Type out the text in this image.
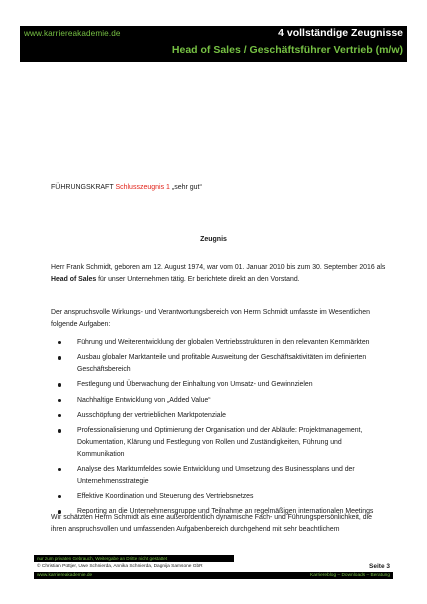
www.karriereakademie.de	4 vollständige Zeugnisse
Head of Sales / Geschäftsführer Vertrieb (m/w)
FÜHRUNGSKRAFT Schlusszeugnis 1 „sehr gut“
Zeugnis
Herr Frank Schmidt, geboren am 12. August 1974, war vom 01. Januar 2010 bis zum 30. September 2016 als Head of Sales für unser Unternehmen tätig. Er berichtete direkt an den Vorstand.
Der anspruchsvolle Wirkungs- und Verantwortungsbereich von Herrn Schmidt umfasste im Wesentlichen folgende Aufgaben:
Führung und Weiterentwicklung der globalen Vertriebsstrukturen in den relevanten Kernmärkten
Ausbau globaler Marktanteile und profitable Ausweitung der Geschäftsaktivitäten im definierten Geschäftsbereich
Festlegung und Überwachung der Einhaltung von Umsatz- und Gewinnzielen
Nachhaltige Entwicklung von „Added Value“
Ausschöpfung der vertrieblichen Marktpotenziale
Professionalisierung und Optimierung der Organisation und der Abläufe: Projektmanagement, Dokumentation, Klärung und Festlegung von Rollen und Zuständigkeiten, Führung und Kommunikation
Analyse des Marktumfeldes sowie Entwicklung und Umsetzung des Businessplans und der Unternehmensstrategie
Effektive Koordination und Steuerung des Vertriebsnetzes
Reporting an die Unternehmensgruppe und Teilnahme an regelmäßigen internationalen Meetings
Wir schätzten Herrn Schmidt als eine außerordentlich dynamische Fach- und Führungspersönlichkeit, die ihren anspruchsvollen und umfassenden Aufgabenbereich durchgehend mit sehr beachtlichem
nur zum privaten Gebrauch, Weitergabe an Dritte nicht gestattet
© Christian Püttjer, Uwe Schnierda, Annika Schnierda, Dagnija Samsone GbR	Seite 3
www.karriereakademie.de	Karriereblog – Downloads – Beratung
